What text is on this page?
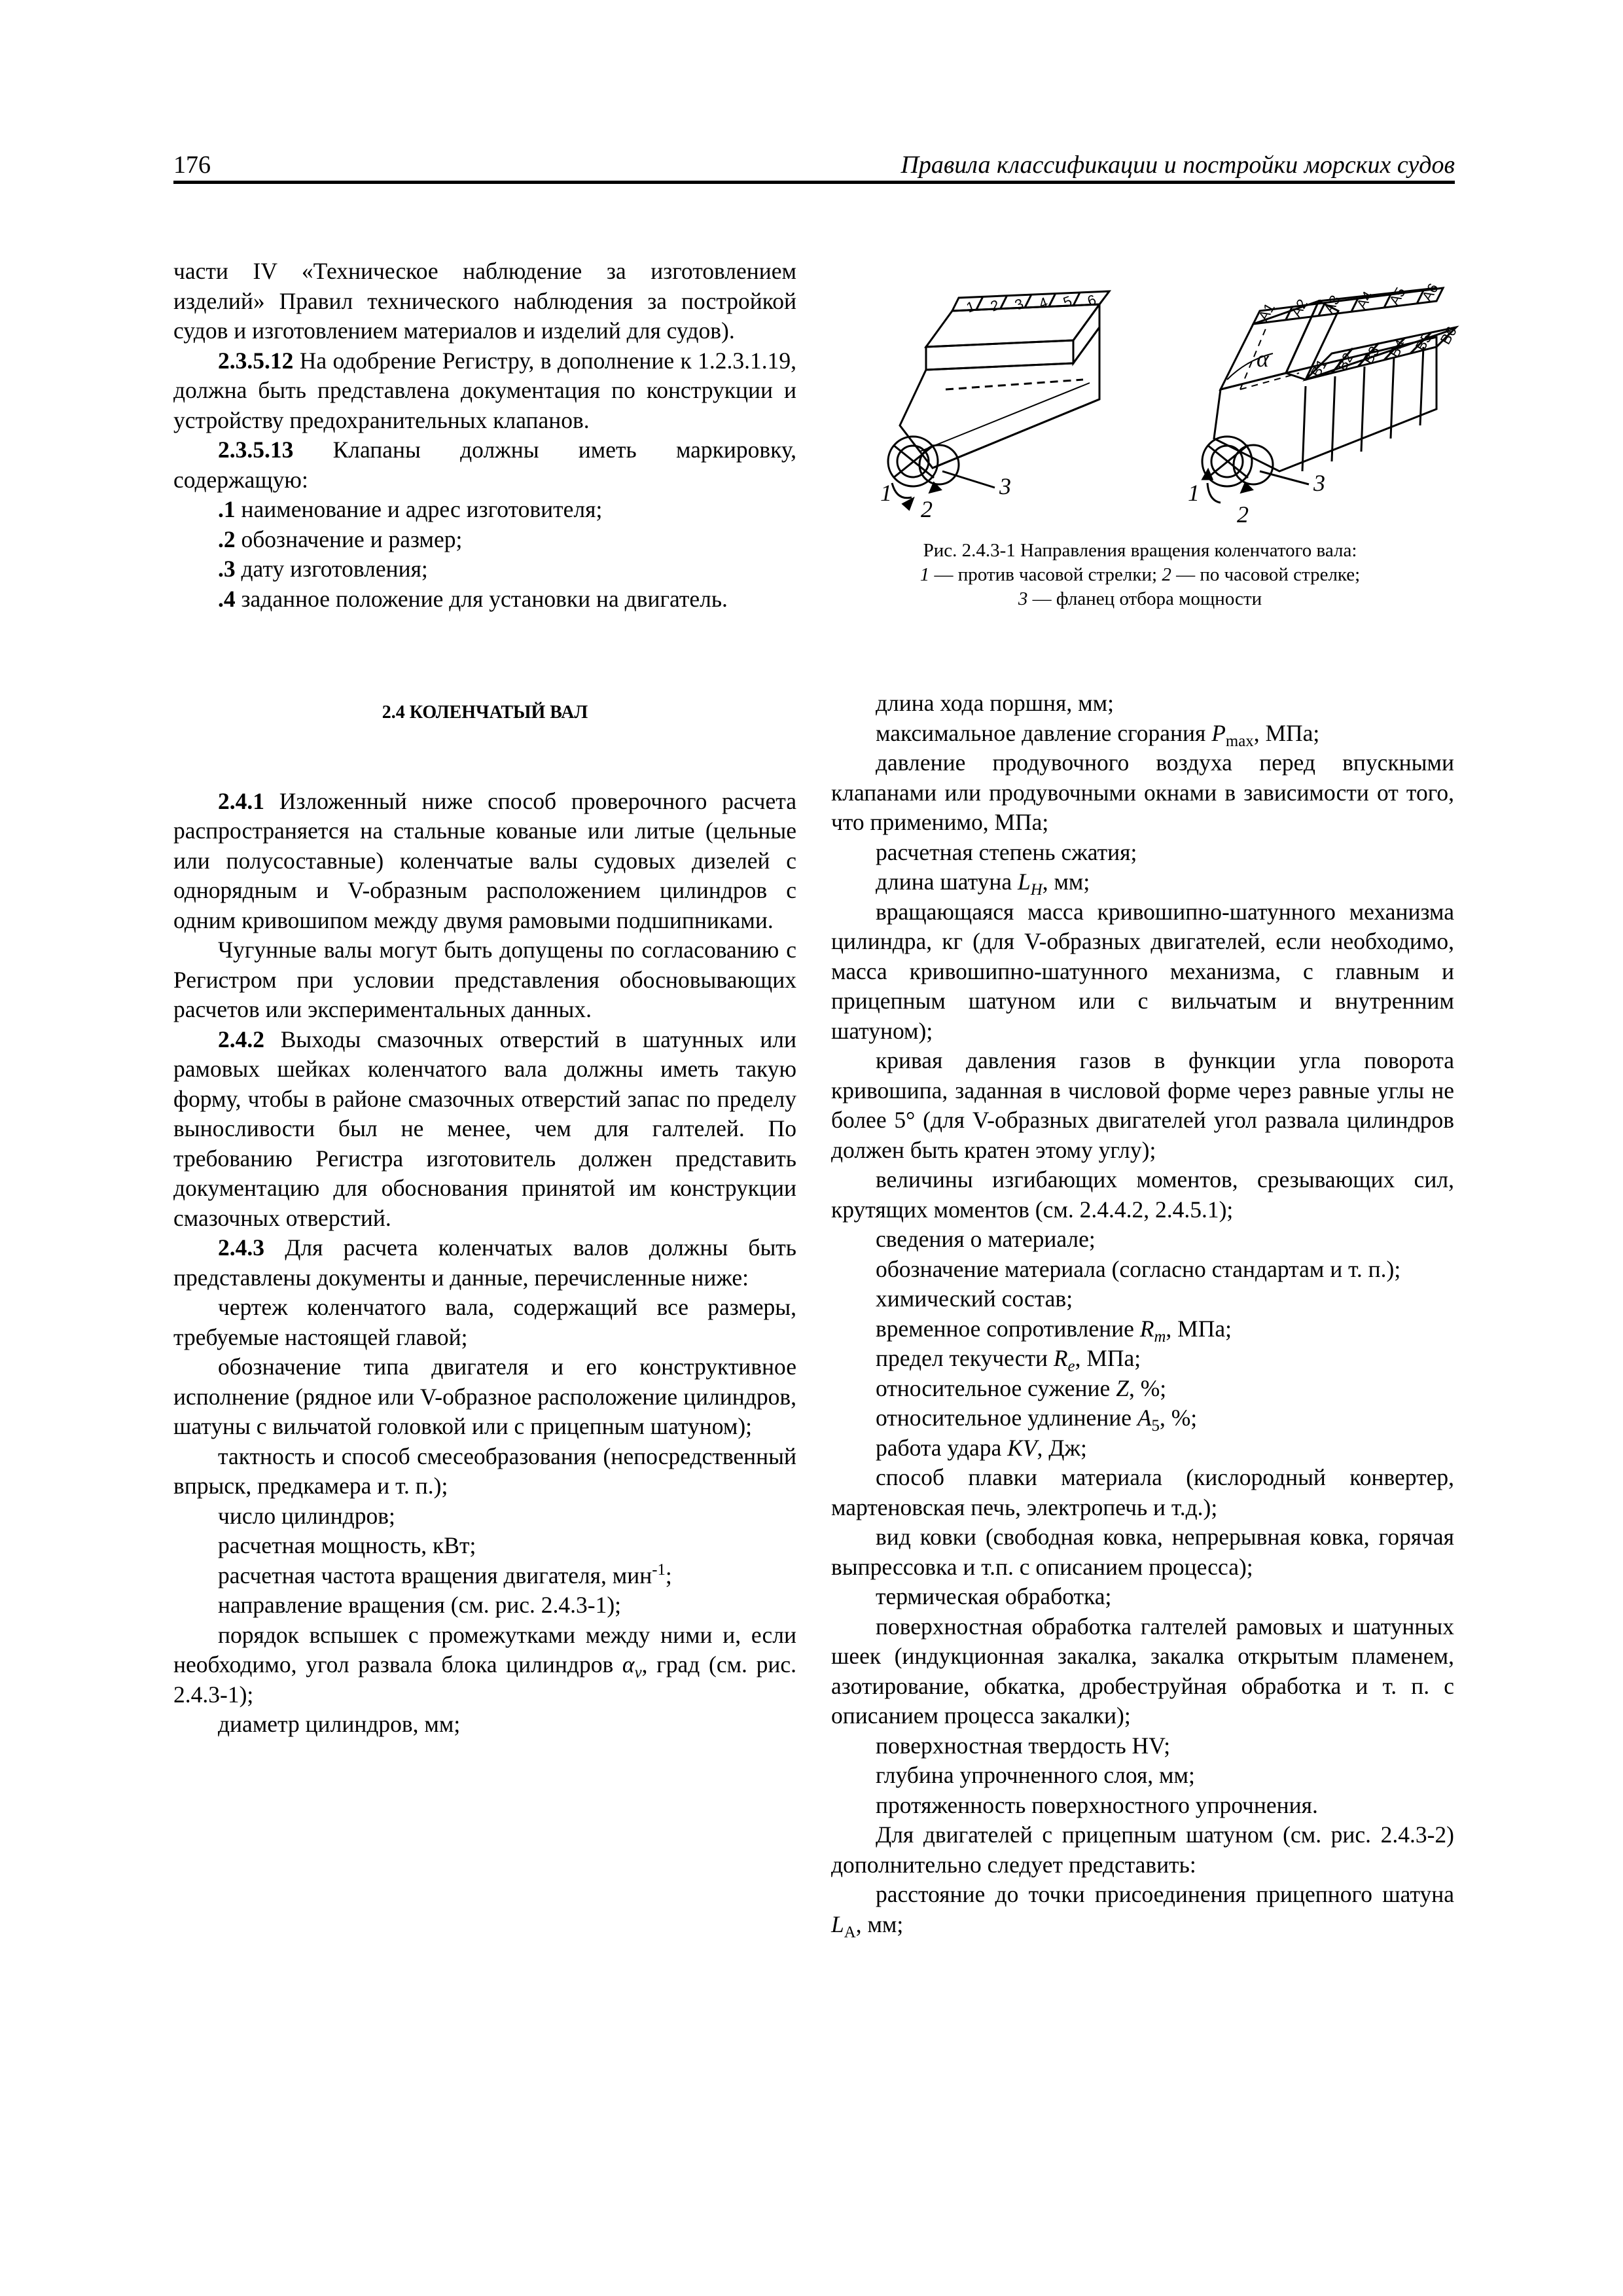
176	Правила классификации и постройки морских судов
1 2 3 4 5 6	A1 A2 A3 A4 A5 A6
B1 B2 B3 B4 B5 B6
α
1
2
3	1
2
3
Рис. 2.4.3-1 Направления вращения коленчатого вала:
1 — против часовой стрелки; 2 — по часовой стрелке;
3 — фланец отбора мощности

части IV «Техническое наблюдение за изготовлением изделий» Правил технического наблюдения за постройкой судов и изготовлением материалов и изделий для судов).

2.3.5.12 На одобрение Регистру, в дополнение к 1.2.3.1.19, должна быть представлена документация по конструкции и устройству предохранительных клапанов.

2.3.5.13 Клапаны должны иметь маркировку, содержащую:

.1 наименование и адрес изготовителя;

.2 обозначение и размер;

.3 дату изготовления;

.4 заданное положение для установки на двигатель.

2.4 КОЛЕНЧАТЫЙ ВАЛ

2.4.1 Изложенный ниже способ проверочного расчета распространяется на стальные кованые или литые (цельные или полусоставные) коленчатые валы судовых дизелей с однорядным и V-образным расположением цилиндров с одним кривошипом между двумя рамовыми подшипниками.

Чугунные валы могут быть допущены по согласованию с Регистром при условии представления обосновывающих расчетов или экспериментальных данных.

2.4.2 Выходы смазочных отверстий в шатунных или рамовых шейках коленчатого вала должны иметь такую форму, чтобы в районе смазочных отверстий запас по пределу выносливости был не менее, чем для галтелей. По требованию Регистра изготовитель должен представить документацию для обоснования принятой им конструкции смазочных отверстий.

2.4.3 Для расчета коленчатых валов должны быть представлены документы и данные, перечисленные ниже:

чертеж коленчатого вала, содержащий все размеры, требуемые настоящей главой;

обозначение типа двигателя и его конструктивное исполнение (рядное или V-образное расположение цилиндров, шатуны с вильчатой головкой или с прицепным шатуном);

тактность и способ смесеобразования (непосредственный впрыск, предкамера и т. п.);

число цилиндров;

расчетная мощность, кВт;

расчетная частота вращения двигателя, мин$^{-1}$;

направление вращения (см. рис. 2.4.3-1);

порядок вспышек с промежутками между ними и, если необходимо, угол развала блока цилиндров $\alpha_v$, град (см. рис. 2.4.3-1);

диаметр цилиндров, мм;

длина хода поршня, мм;

максимальное давление сгорания $P_{max}$, МПа;

давление продувочного воздуха перед впускными клапанами или продувочными окнами в зависимости от того, что применимо, МПа;

расчетная степень сжатия;

длина шатуна $L_H$, мм;

вращающаяся масса кривошипно-шатунного механизма цилиндра, кг (для V-образных двигателей, если необходимо, масса кривошипно-шатунного механизма, с главным и прицепным шатуном или с вильчатым и внутренним шатуном);

кривая давления газов в функции угла поворота кривошипа, заданная в числовой форме через равные углы не более 5° (для V-образных двигателей угол развала цилиндров должен быть кратен этому углу);

величины изгибающих моментов, срезывающих сил, крутящих моментов (см. 2.4.4.2, 2.4.5.1);

сведения о материале;

обозначение материала (согласно стандартам и т. п.);

химический состав;

временное сопротивление $R_m$, МПа;

предел текучести $R_e$, МПа;

относительное сужение Z, %;

относительное удлинение $A_5$, %;

работа удара KV, Дж;

способ плавки материала (кислородный конвертер, мартеновская печь, электропечь и т.д.);

вид ковки (свободная ковка, непрерывная ковка, горячая выпрессовка и т.п. с описанием процесса);

термическая обработка;

поверхностная обработка галтелей рамовых и шатунных шеек (индукционная закалка, закалка открытым пламенем, азотирование, обкатка, дробеструйная обработка и т. п. с описанием процесса закалки);

поверхностная твердость HV;

глубина упрочненного слоя, мм;

протяженность поверхностного упрочнения.

Для двигателей с прицепным шатуном (см. рис. 2.4.3-2) дополнительно следует представить:

расстояние до точки присоединения прицепного шатуна $L_A$, мм;
